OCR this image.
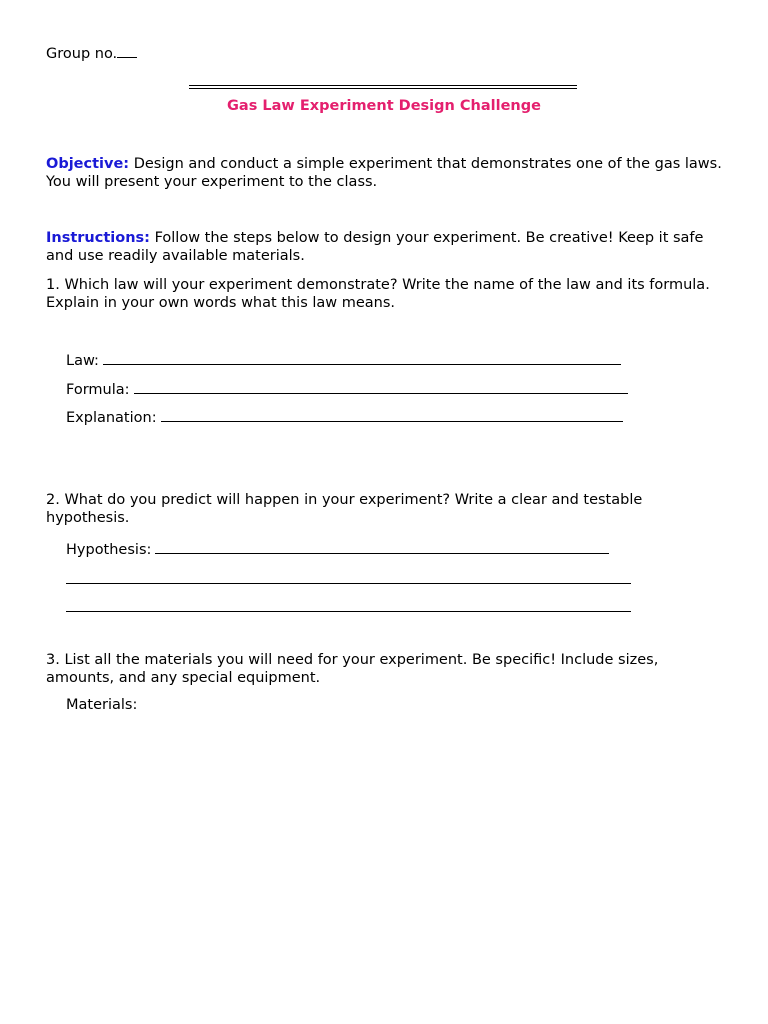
Group no.
Gas Law Experiment Design Challenge
Objective: Design and conduct a simple experiment that demonstrates one of the gas laws. You will present your experiment to the class.
Instructions: Follow the steps below to design your experiment. Be creative! Keep it safe and use readily available materials.
1. Which law will your experiment demonstrate? Write the name of the law and its formula. Explain in your own words what this law means.
Law:
Formula:
Explanation:
2. What do you predict will happen in your experiment? Write a clear and testable hypothesis.
Hypothesis:
3. List all the materials you will need for your experiment. Be specific! Include sizes, amounts, and any special equipment.
Materials:
